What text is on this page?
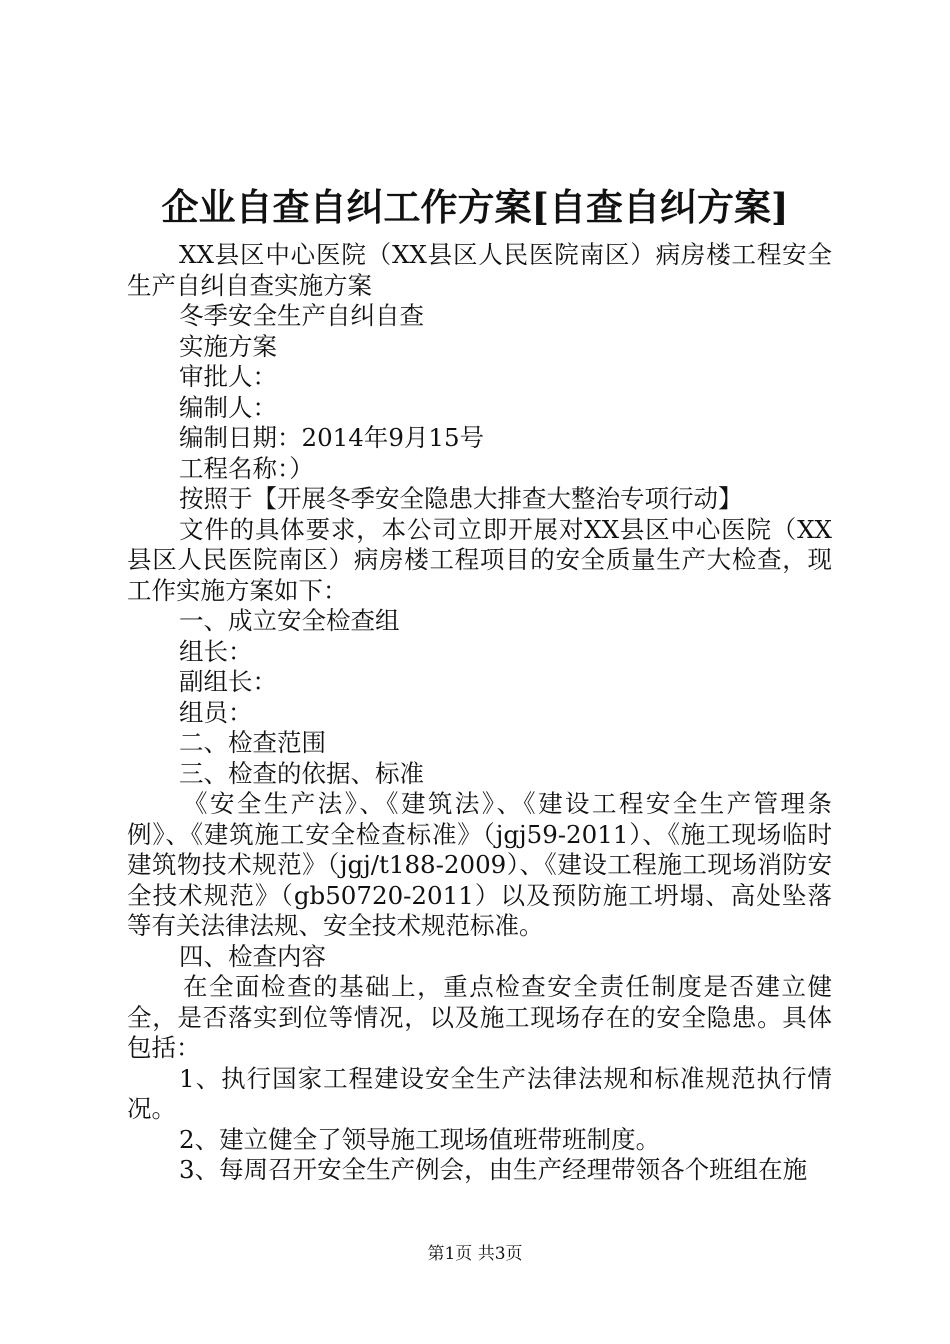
企业自查自纠工作方案[自查自纠方案]

XX县区中心医院（XX县区人民医院南区）病房楼工程安全生产自纠自查实施方案

冬季安全生产自纠自查

实施方案

审批人：

编制人：

编制日期：2014年9月15号

工程名称：）

按照于【开展冬季安全隐患大排查大整治专项行动】

文件的具体要求，本公司立即开展对XX县区中心医院（XX县区人民医院南区）病房楼工程项目的安全质量生产大检查，现工作实施方案如下：

一、成立安全检查组

组长：

副组长：

组员：

二、检查范围

三、检查的依据、标准

《安全生产法》、《建筑法》、《建设工程安全生产管理条例》、《建筑施工安全检查标准》（jgj59-2011）、《施工现场临时建筑物技术规范》（jgj/t188-2009）、《建设工程施工现场消防安全技术规范》（gb50720-2011）以及预防施工坍塌、高处坠落等有关法律法规、安全技术规范标准。

四、检查内容

在全面检查的基础上，重点检查安全责任制度是否建立健全，是否落实到位等情况，以及施工现场存在的安全隐患。具体包括：

1、执行国家工程建设安全生产法律法规和标准规范执行情况。

2、建立健全了领导施工现场值班带班制度。

3、每周召开安全生产例会，由生产经理带领各个班组在施

第1页 共3页
